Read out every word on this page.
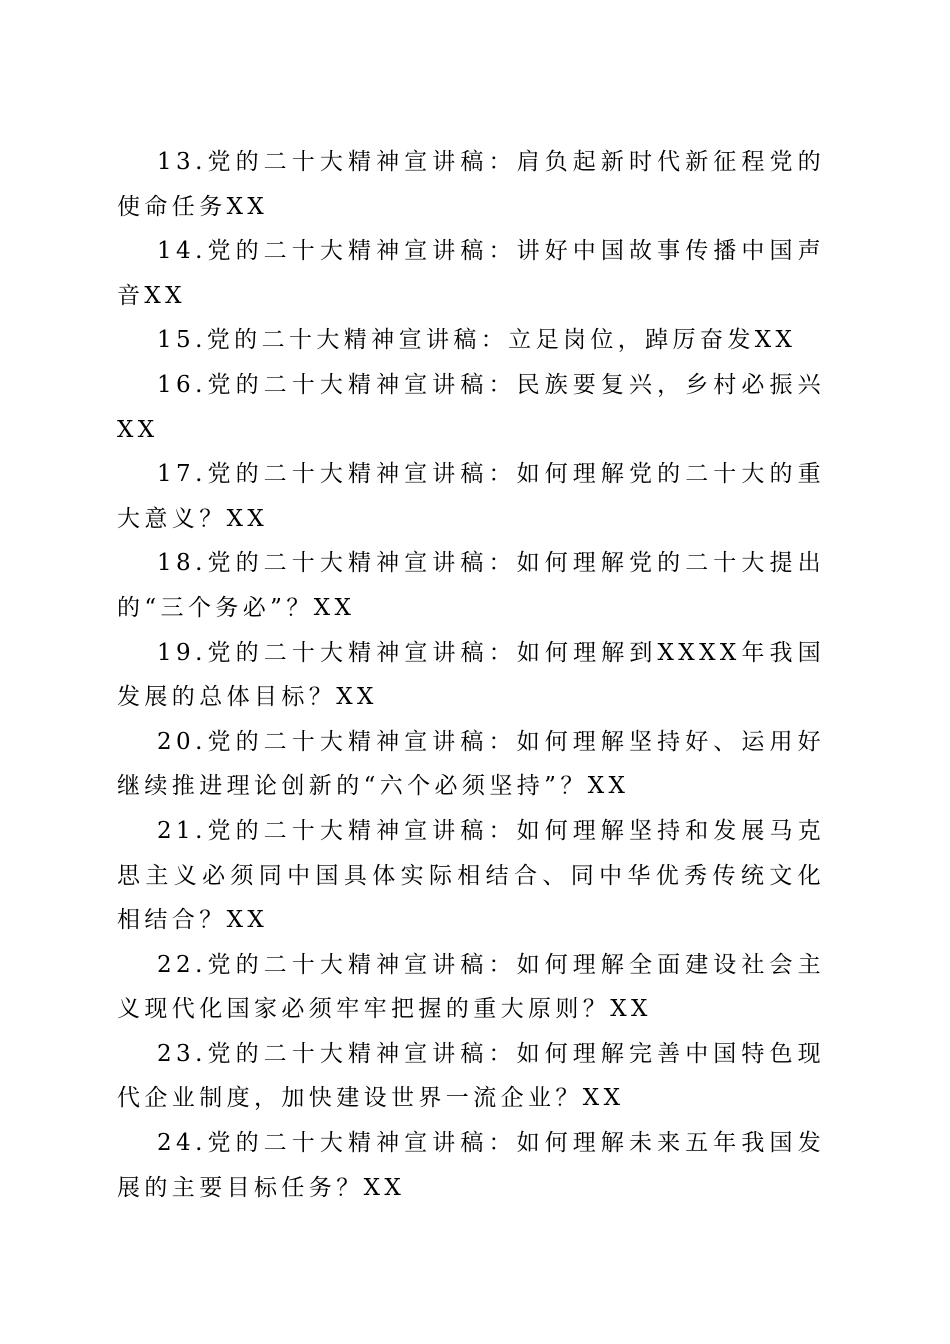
13.党的二十大精神宣讲稿：肩负起新时代新征程党的使命任务XX

14.党的二十大精神宣讲稿：讲好中国故事传播中国声音XX

15.党的二十大精神宣讲稿：立足岗位，踔厉奋发XX

16.党的二十大精神宣讲稿：民族要复兴，乡村必振兴XX

17.党的二十大精神宣讲稿：如何理解党的二十大的重大意义？XX

18.党的二十大精神宣讲稿：如何理解党的二十大提出的“三个务必”？XX

19.党的二十大精神宣讲稿：如何理解到XXXX年我国发展的总体目标？XX

20.党的二十大精神宣讲稿：如何理解坚持好、运用好继续推进理论创新的“六个必须坚持”？XX

21.党的二十大精神宣讲稿：如何理解坚持和发展马克思主义必须同中国具体实际相结合、同中华优秀传统文化相结合？XX

22.党的二十大精神宣讲稿：如何理解全面建设社会主义现代化国家必须牢牢把握的重大原则？XX

23.党的二十大精神宣讲稿：如何理解完善中国特色现代企业制度，加快建设世界一流企业？XX

24.党的二十大精神宣讲稿：如何理解未来五年我国发展的主要目标任务？XX
